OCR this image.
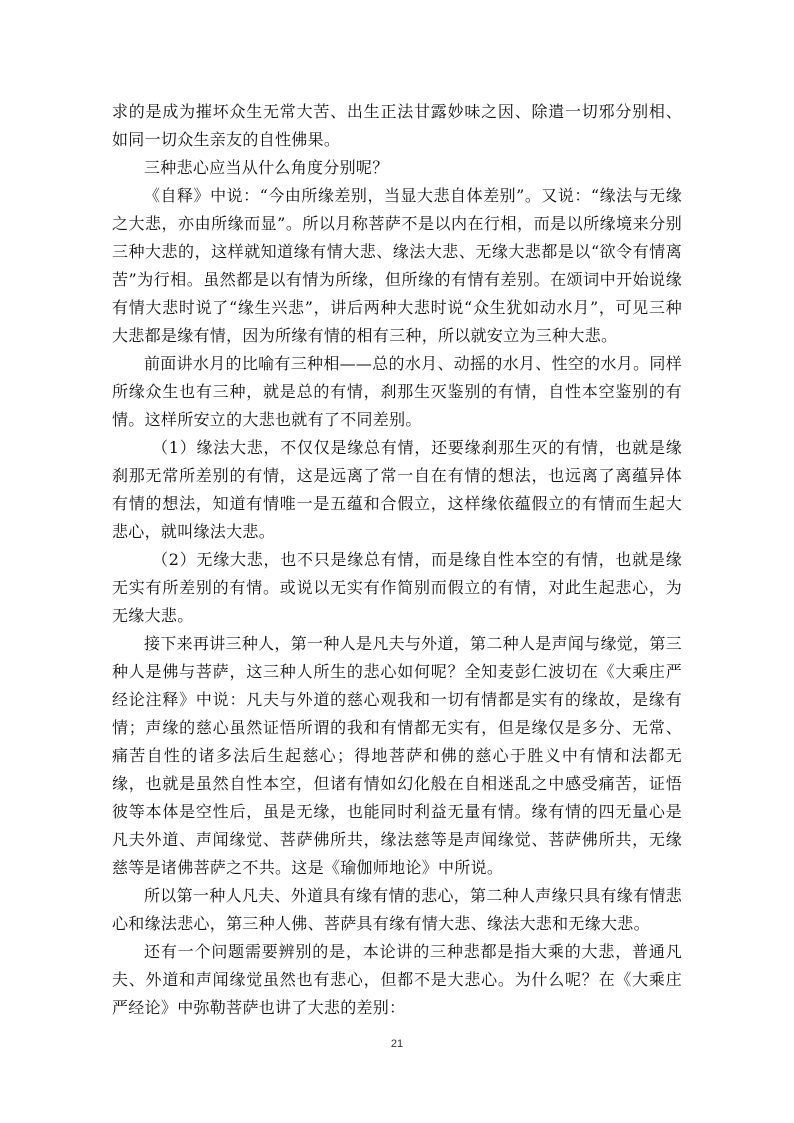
求的是成为摧坏众生无常大苦、出生正法甘露妙味之因、除遣一切邪分别相、如同一切众生亲友的自性佛果。

三种悲心应当从什么角度分别呢？

《自释》中说：“今由所缘差别，当显大悲自体差别”。又说：“缘法与无缘之大悲，亦由所缘而显”。所以月称菩萨不是以内在行相，而是以所缘境来分别三种大悲的，这样就知道缘有情大悲、缘法大悲、无缘大悲都是以“欲令有情离苦”为行相。虽然都是以有情为所缘，但所缘的有情有差别。在颂词中开始说缘有情大悲时说了“缘生兴悲”，讲后两种大悲时说“众生犹如动水月”，可见三种大悲都是缘有情，因为所缘有情的相有三种，所以就安立为三种大悲。

前面讲水月的比喻有三种相——总的水月、动摇的水月、性空的水月。同样所缘众生也有三种，就是总的有情，刹那生灭鉴别的有情，自性本空鉴别的有情。这样所安立的大悲也就有了不同差别。

（1）缘法大悲，不仅仅是缘总有情，还要缘刹那生灭的有情，也就是缘刹那无常所差别的有情，这是远离了常一自在有情的想法，也远离了离蕴异体有情的想法，知道有情唯一是五蕴和合假立，这样缘依蕴假立的有情而生起大悲心，就叫缘法大悲。

（2）无缘大悲，也不只是缘总有情，而是缘自性本空的有情，也就是缘无实有所差别的有情。或说以无实有作简别而假立的有情，对此生起悲心，为无缘大悲。

接下来再讲三种人，第一种人是凡夫与外道，第二种人是声闻与缘觉，第三种人是佛与菩萨，这三种人所生的悲心如何呢？全知麦彭仁波切在《大乘庄严经论注释》中说：凡夫与外道的慈心观我和一切有情都是实有的缘故，是缘有情；声缘的慈心虽然证悟所谓的我和有情都无实有，但是缘仅是多分、无常、痛苦自性的诸多法后生起慈心；得地菩萨和佛的慈心于胜义中有情和法都无缘，也就是虽然自性本空，但诸有情如幻化般在自相迷乱之中感受痛苦，证悟彼等本体是空性后，虽是无缘，也能同时利益无量有情。缘有情的四无量心是凡夫外道、声闻缘觉、菩萨佛所共，缘法慈等是声闻缘觉、菩萨佛所共，无缘慈等是诸佛菩萨之不共。这是《瑜伽师地论》中所说。

所以第一种人凡夫、外道具有缘有情的悲心，第二种人声缘只具有缘有情悲心和缘法悲心，第三种人佛、菩萨具有缘有情大悲、缘法大悲和无缘大悲。

还有一个问题需要辨别的是，本论讲的三种悲都是指大乘的大悲，普通凡夫、外道和声闻缘觉虽然也有悲心，但都不是大悲心。为什么呢？在《大乘庄严经论》中弥勒菩萨也讲了大悲的差别：

21
